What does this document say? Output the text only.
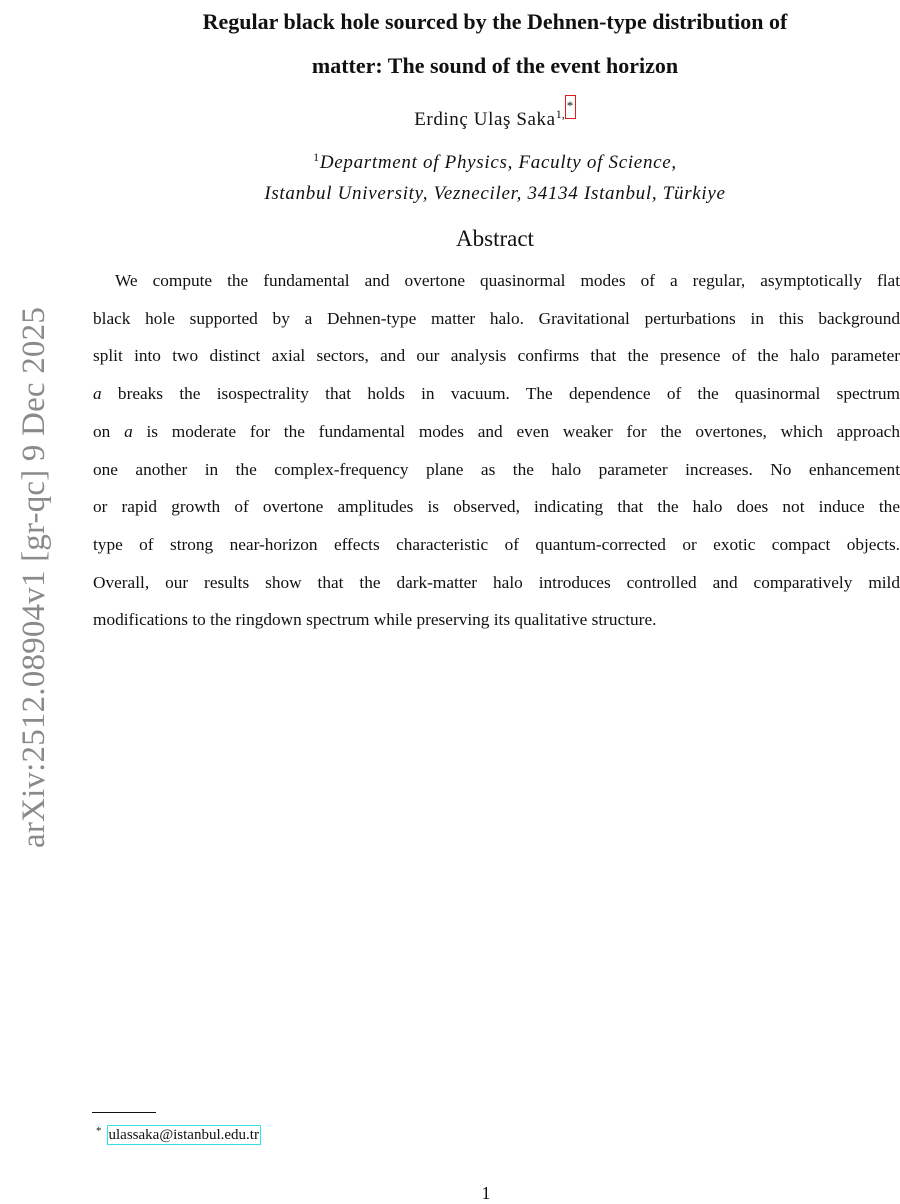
arXiv:2512.08904v1 [gr-qc] 9 Dec 2025
Regular black hole sourced by the Dehnen-type distribution of
matter: The sound of the event horizon
Erdinç Ulaş Saka$^{1,}$*
$^1$Department of Physics, Faculty of Science,
Istanbul University, Vezneciler, 34134 Istanbul, Türkiye
Abstract
We compute the fundamental and overtone quasinormal modes of a regular, asymptotically flat
black hole supported by a Dehnen-type matter halo. Gravitational perturbations in this background
split into two distinct axial sectors, and our analysis confirms that the presence of the halo parameter
a breaks the isospectrality that holds in vacuum. The dependence of the quasinormal spectrum
on a is moderate for the fundamental modes and even weaker for the overtones, which approach
one another in the complex-frequency plane as the halo parameter increases. No enhancement
or rapid growth of overtone amplitudes is observed, indicating that the halo does not induce the
type of strong near-horizon effects characteristic of quantum-corrected or exotic compact objects.
Overall, our results show that the dark-matter halo introduces controlled and comparatively mild
modifications to the ringdown spectrum while preserving its qualitative structure.
* ulassaka@istanbul.edu.tr
1
